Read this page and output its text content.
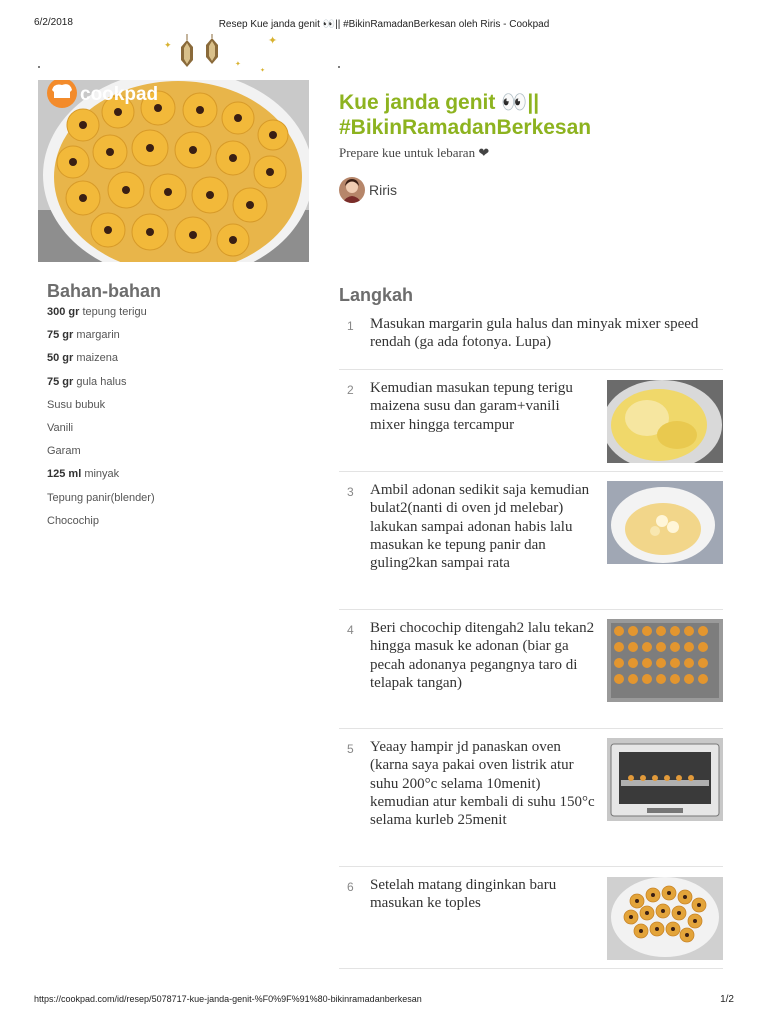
6/2/2018	Resep Kue janda genit 👀|| #BikinRamadanBerkesan oleh Riris - Cookpad
✦	✦
✦
✦
cookpad	Kue janda genit 👀|| #BikinRamadanBerkesan
Prepare kue untuk lebaran ❤
Riris
Bahan-bahan
300 gr tepung terigu
75 gr margarin
50 gr maizena
75 gr gula halus
Susu bubuk
Vanili
Garam
125 ml minyak
Tepung panir(blender)
Chocochip
Langkah
1 Masukan margarin gula halus dan minyak mixer speed rendah (ga ada fotonya. Lupa)
2 Kemudian masukan tepung terigu maizena susu dan garam+vanili mixer hingga tercampur
3 Ambil adonan sedikit saja kemudian bulat2(nanti di oven jd melebar) lakukan sampai adonan habis lalu masukan ke tepung panir dan guling2kan sampai rata
4 Beri chocochip ditengah2 lalu tekan2 hingga masuk ke adonan (biar ga pecah adonanya pegangnya taro di telapak tangan)
5 Yeaay hampir jd panaskan oven (karna saya pakai oven listrik atur suhu 200°c selama 10menit) kemudian atur kembali di suhu 150°c selama kurleb 25menit
6 Setelah matang dinginkan baru masukan ke toples
https://cookpad.com/id/resep/5078717-kue-janda-genit-%F0%9F%91%80-bikinramadanberkesan	1/2
